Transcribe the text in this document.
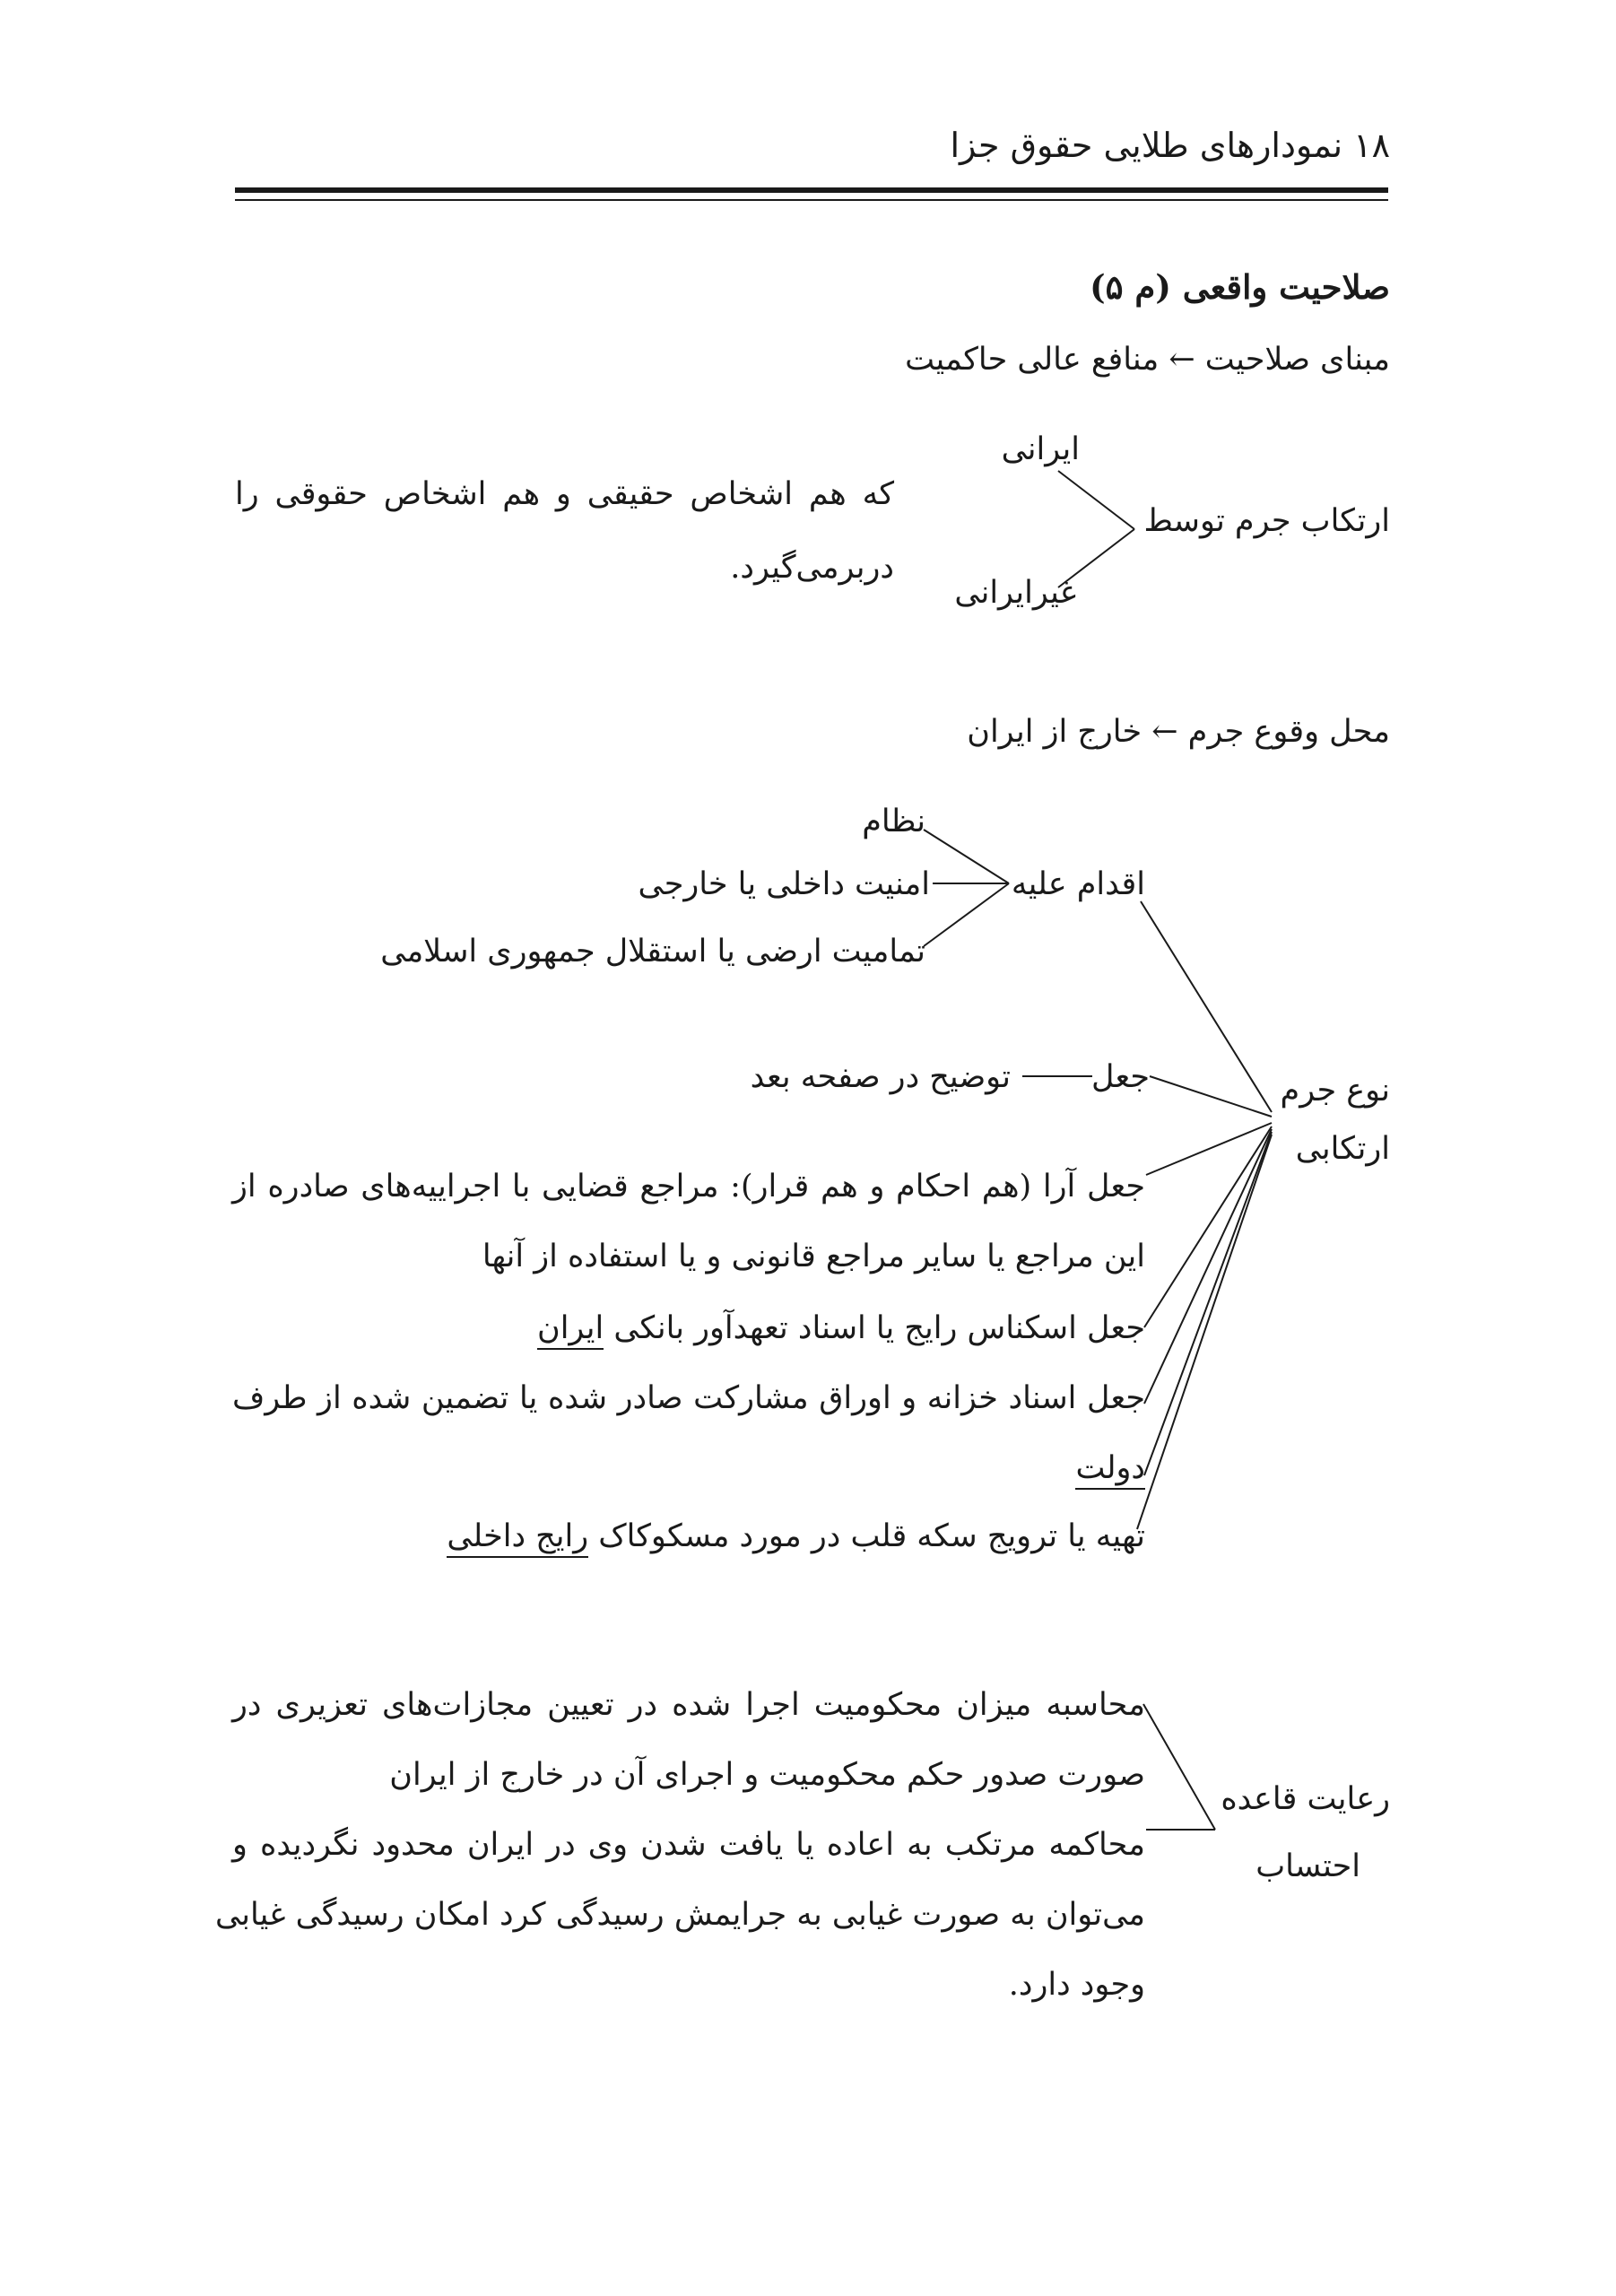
۱۸ نمودارهای طلایی حقوق جزا
صلاحیت واقعی (م ۵)
مبنای صلاحیت ← منافع عالی حاکمیت
ارتکاب جرم توسط
ایرانی
غیرایرانی
که هم اشخاص حقیقی و هم اشخاص حقوقی را
دربرمی‌گیرد.
محل وقوع جرم ← خارج از ایران
نوع جرم
ارتکابی
اقدام علیه
نظام
امنیت داخلی یا خارجی
تمامیت ارضی یا استقلال جمهوری اسلامی
جعل
توضیح در صفحه بعد
جعل آرا (هم احکام و هم قرار): مراجع قضایی با اجراییه‌های صادره از
این مراجع یا سایر مراجع قانونی و یا استفاده از آنها
جعل اسکناس رایج یا اسناد تعهدآور بانکی ایران
جعل اسناد خزانه و اوراق مشارکت صادر شده یا تضمین شده از طرف
دولت
تهیه یا ترویج سکه قلب در مورد مسکوکاک رایج داخلی
رعایت قاعده
احتساب
محاسبه میزان محکومیت اجرا شده در تعیین مجازات‌های تعزیری در
صورت صدور حکم محکومیت و اجرای آن در خارج از ایران
محاکمه مرتکب به اعاده یا یافت شدن وی در ایران محدود نگردیده و
می‌توان به صورت غیابی به جرایمش رسیدگی کرد امکان رسیدگی غیابی
وجود دارد.
